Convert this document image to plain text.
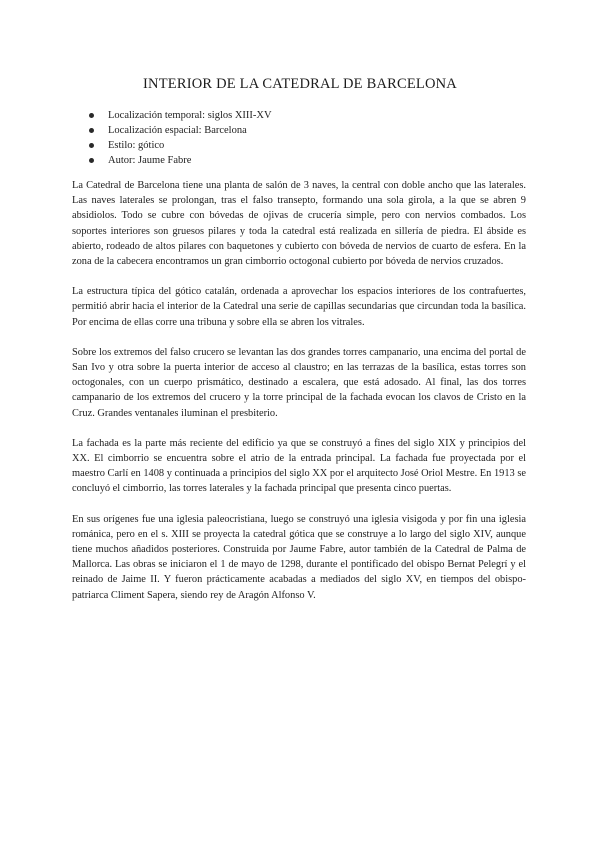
INTERIOR DE LA CATEDRAL DE BARCELONA
Localización temporal: siglos XIII-XV
Localización espacial: Barcelona
Estilo: gótico
Autor: Jaume Fabre

La Catedral de Barcelona tiene una planta de salón de 3 naves, la central con doble ancho que las laterales. Las naves laterales se prolongan, tras el falso transepto, formando una sola girola, a la que se abren 9 absidiolos. Todo se cubre con bóvedas de ojivas de crucería simple, pero con nervios combados. Los soportes interiores son gruesos pilares y toda la catedral está realizada en sillería de piedra. El ábside es abierto, rodeado de altos pilares con baquetones y cubierto con bóveda de nervios de cuarto de esfera. En la zona de la cabecera encontramos un gran cimborrio octogonal cubierto por bóveda de nervios cruzados.

La estructura típica del gótico catalán, ordenada a aprovechar los espacios interiores de los contrafuertes, permitió abrir hacia el interior de la Catedral una serie de capillas secundarias que circundan toda la basílica. Por encima de ellas corre una tribuna y sobre ella se abren los vitrales.

Sobre los extremos del falso crucero se levantan las dos grandes torres campanario, una encima del portal de San Ivo y otra sobre la puerta interior de acceso al claustro; en las terrazas de la basílica, estas torres son octogonales, con un cuerpo prismático, destinado a escalera, que está adosado. Al final, las dos torres campanario de los extremos del crucero y la torre principal de la fachada evocan los clavos de Cristo en la Cruz. Grandes ventanales iluminan el presbiterio.

La fachada es la parte más reciente del edificio ya que se construyó a fines del siglo XIX y principios del XX. El cimborrio se encuentra sobre el atrio de la entrada principal. La fachada fue proyectada por el maestro Carlí en 1408 y continuada a principios del siglo XX por el arquitecto José Oriol Mestre. En 1913 se concluyó el cimborrio, las torres laterales y la fachada principal que presenta cinco puertas.

En sus orígenes fue una iglesia paleocristiana, luego se construyó una iglesia visigoda y por fin una iglesia románica, pero en el s. XIII se proyecta la catedral gótica que se construye a lo largo del siglo XIV, aunque tiene muchos añadidos posteriores. Construida por Jaume Fabre, autor también de la Catedral de Palma de Mallorca. Las obras se iniciaron el 1 de mayo de 1298, durante el pontificado del obispo Bernat Pelegrí y el reinado de Jaime II. Y fueron prácticamente acabadas a mediados del siglo XV, en tiempos del obispo-patriarca Climent Sapera, siendo rey de Aragón Alfonso V.
